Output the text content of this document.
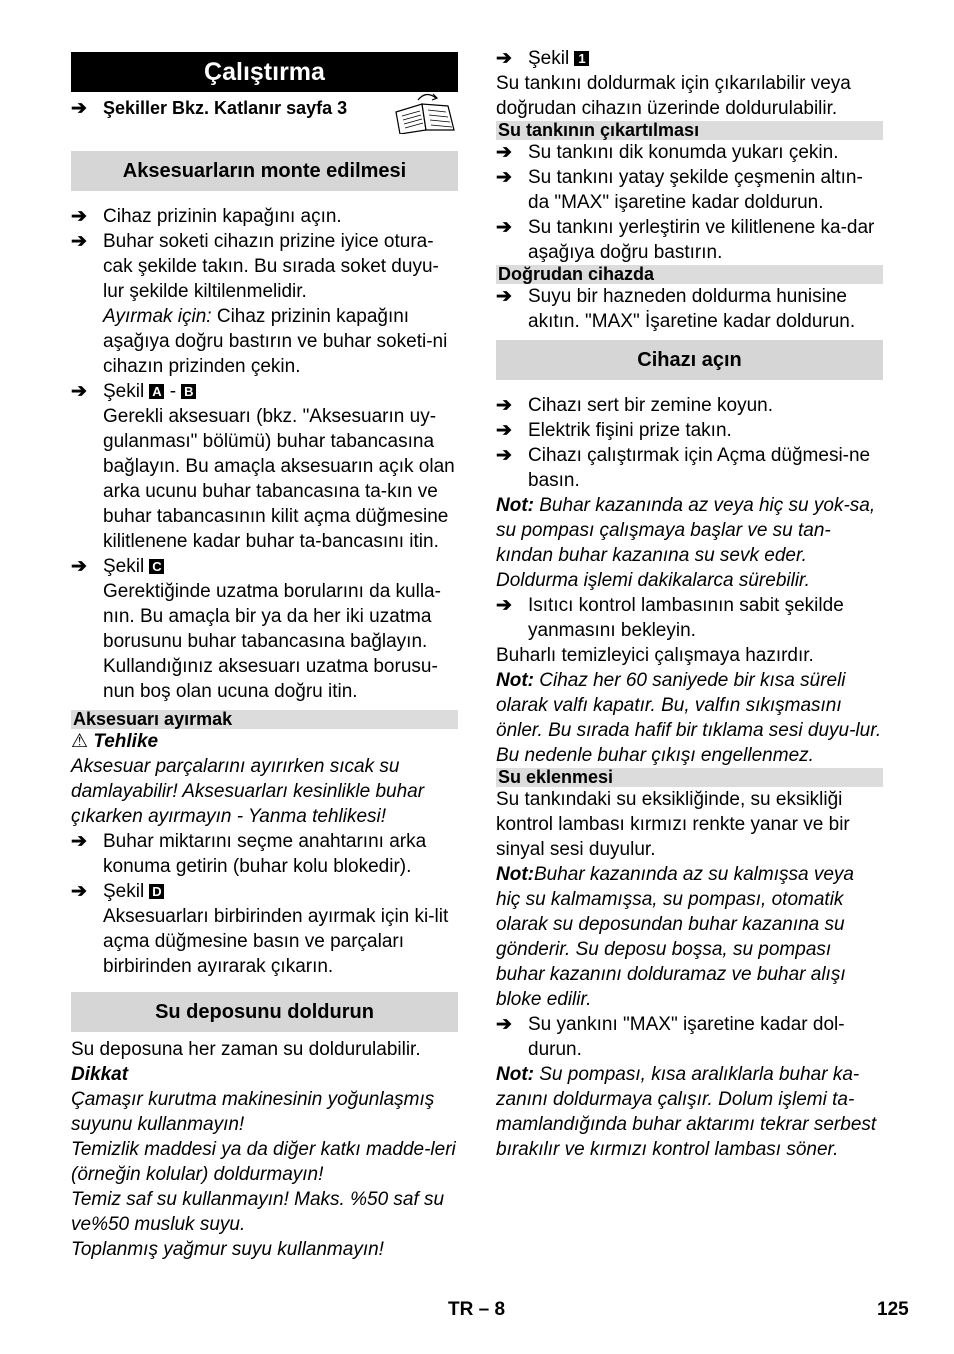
Çalıştırma
➔ Şekiller Bkz. Katlanır sayfa 3
Aksesuarların monte edilmesi
➔ Cihaz prizinin kapağını açın.
➔ Buhar soketi cihazın prizine iyice otura-cak şekilde takın. Bu sırada soket duyu-lur şekilde kiltilenmelidir.

Ayırmak için: Cihaz prizinin kapağını aşağıya doğru bastırın ve buhar soketi-ni cihazın prizinden çekin.

➔ Şekil A - B

Gerekli aksesuarı (bkz. "Aksesuarın uy-gulanması" bölümü) buhar tabancasına bağlayın. Bu amaçla aksesuarın açık olan arka ucunu buhar tabancasına ta-kın ve buhar tabancasının kilit açma düğmesine kilitlenene kadar buhar ta-bancasını itin.

➔ Şekil C

Gerektiğinde uzatma borularını da kulla-nın. Bu amaçla bir ya da her iki uzatma borusunu buhar tabancasına bağlayın. Kullandığınız aksesuarı uzatma borusu-nun boş olan ucuna doğru itin.

Aksesuarı ayırmak

⚠ Tehlike

Aksesuar parçalarını ayırırken sıcak su damlayabilir! Aksesuarları kesinlikle buhar çıkarken ayırmayın - Yanma tehlikesi!

➔ Buhar miktarını seçme anahtarını arka konuma getirin (buhar kolu blokedir).
➔ Şekil D

Aksesuarları birbirinden ayırmak için ki-lit açma düğmesine basın ve parçaları birbirinden ayırarak çıkarın.

Su deposunu doldurun

Su deposuna her zaman su doldurulabilir.

Dikkat

Çamaşır kurutma makinesinin yoğunlaşmış suyunu kullanmayın!

Temizlik maddesi ya da diğer katkı madde-leri (örneğin kolular) doldurmayın!

Temiz saf su kullanmayın! Maks. %50 saf su ve%50 musluk suyu.

Toplanmış yağmur suyu kullanmayın!

➔ Şekil 1

Su tankını doldurmak için çıkarılabilir veya doğrudan cihazın üzerinde doldurulabilir.

Su tankının çıkartılması
➔ Su tankını dik konumda yukarı çekin.
➔ Su tankını yatay şekilde çeşmenin altın-da "MAX" işaretine kadar doldurun.
➔ Su tankını yerleştirin ve kilitlenene ka-dar aşağıya doğru bastırın.
Doğrudan cihazda
➔ Suyu bir hazneden doldurma hunisine akıtın. "MAX" İşaretine kadar doldurun.
Cihazı açın
➔ Cihazı sert bir zemine koyun.
➔ Elektrik fişini prize takın.
➔ Cihazı çalıştırmak için Açma düğmesi-ne basın.

Not: Buhar kazanında az veya hiç su yok-sa, su pompası çalışmaya başlar ve su tan-kından buhar kazanına su sevk eder. Doldurma işlemi dakikalarca sürebilir.

➔ Isıtıcı kontrol lambasının sabit şekilde yanmasını bekleyin.

Buharlı temizleyici çalışmaya hazırdır.

Not: Cihaz her 60 saniyede bir kısa süreli olarak valfı kapatır. Bu, valfın sıkışmasını önler. Bu sırada hafif bir tıklama sesi duyu-lur. Bu nedenle buhar çıkışı engellenmez.

Su eklenmesi

Su tankındaki su eksikliğinde, su eksikliği kontrol lambası kırmızı renkte yanar ve bir sinyal sesi duyulur.

Not:Buhar kazanında az su kalmışsa veya hiç su kalmamışsa, su pompası, otomatik olarak su deposundan buhar kazanına su gönderir. Su deposu boşsa, su pompası buhar kazanını dolduramaz ve buhar alışı bloke edilir.

➔ Su yankını "MAX" işaretine kadar dol-durun.

Not: Su pompası, kısa aralıklarla buhar ka-zanını doldurmaya çalışır. Dolum işlemi ta-mamlandığında buhar aktarımı tekrar serbest bırakılır ve kırmızı kontrol lambası söner.

TR – 8	125
